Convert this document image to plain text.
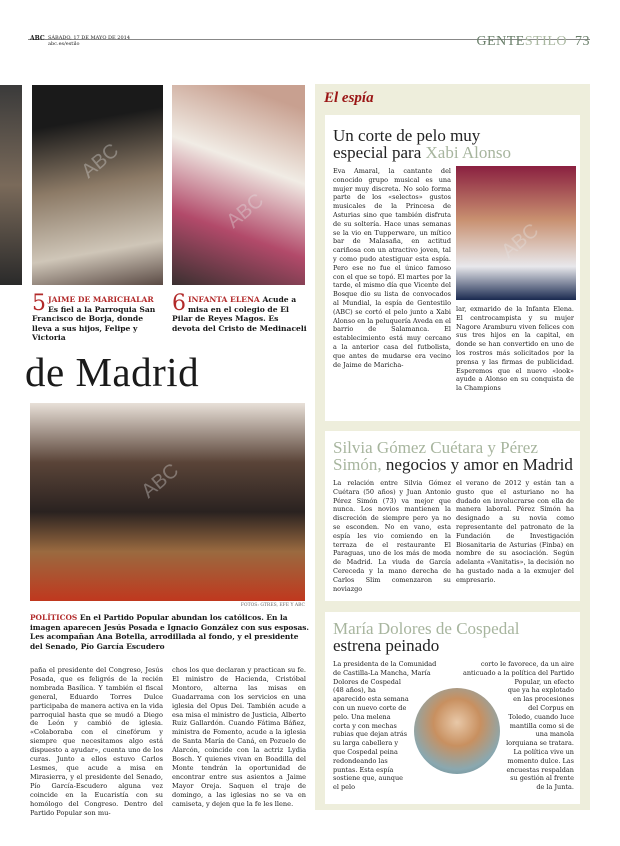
ABC SÁBADO, 17 DE MAYO DE 2014
abc.es/estilo	GENTESTILO 73
5 JAIME DE MARICHALAR Es fiel a la Parroquia San Francisco de Borja, donde lleva a sus hijos, Felipe y Victoria
6 INFANTA ELENA Acude a misa en el colegio de El Pilar de Reyes Magos. Es devota del Cristo de Medinaceli
de Madrid
FOTOS: GTRES, EFE Y ABC
POLÍTICOS En el Partido Popular abundan los católicos. En la imagen aparecen Jesús Posada e Ignacio González con sus esposas. Les acompañan Ana Botella, arrodillada al fondo, y el presidente del Senado, Pío García Escudero
paña el presidente del Congreso, Jesús Posada, que es feligrés de la recién nombrada Basílica. Y también el fiscal general, Eduardo Torres Dulce participaba de manera activa en la vida parroquial hasta que se mudó a Diego de León y cambió de iglesia. «Colaboraba con el cinefórum y siempre que necesitamos algo está dispuesto a ayudar», cuenta uno de los curas. Junto a ellos estuvo Carlos Lesmes, que acude a misa en Mirasierra, y el presidente del Senado, Pío García-Escudero alguna vez coincide en la Eucaristía con su homólogo del Congreso. Dentro del Partido Popular son mu-
chos los que declaran y practican su fe. El ministro de Hacienda, Cristóbal Montoro, alterna las misas en Guadarrama con los servicios en una iglesia del Opus Dei. También acude a esa misa el ministro de Justicia, Alberto Ruiz Gallardón. Cuando Fátima Báñez, ministra de Fomento, acude a la iglesia de Santa María de Caná, en Pozuelo de Alarcón, coincide con la actriz Lydia Bosch. Y quienes vivan en Boadilla del Monte tendrán la oportunidad de encontrar entre sus asientos a Jaime Mayor Oreja. Saquen el traje de domingo, a las iglesias no se va en camiseta, y dejen que la fe les llene.
El espía
Un corte de pelo muy especial para Xabi Alonso
Eva Amaral, la cantante del conocido grupo musical es una mujer muy discreta. No solo forma parte de los «selectos» gustos musicales de la Princesa de Asturias sino que también disfruta de su soltería. Hace unas semanas se la vio en Tupperware, un mítico bar de Malasaña, en actitud cariñosa con un atractivo joven, tal y como pudo atestiguar esta espía. Pero ese no fue el único famoso con el que se topó. El martes por la tarde, el mismo día que Vicente del Bosque dio su lista de convocados al Mundial, la espía de Gentestilo (ABC) se cortó el pelo junto a Xabi Alonso en la peluquería Aveda en el barrio de Salamanca. El establecimiento está muy cercano a la anterior casa del futbolista, que antes de mudarse era vecino de Jaime de Maricha-
lar, exmarido de la Infanta Elena. El centrocampista y su mujer Nagore Aramburu viven felices con sus tres hijos en la capital, en donde se han convertido en uno de los rostros más solicitados por la prensa y las firmas de publicidad. Esperemos que el nuevo «look» ayude a Alonso en su conquista de la Champions
Silvia Gómez Cuétara y Pérez Simón, negocios y amor en Madrid
La relación entre Silvia Gómez Cuétara (50 años) y Juan Antonio Pérez Simón (73) va mejor que nunca. Los novios mantienen la discreción de siempre pero ya no se esconden. No en vano, esta espía les vio comiendo en la terraza de el restaurante El Paraguas, uno de los más de moda de Madrid. La viuda de García Cereceda y la mano derecha de Carlos Slim comenzaron su noviazgo
el verano de 2012 y están tan a gusto que el asturiano no ha dudado en involucrarse con ella de manera laboral. Pérez Simón ha designado a su novia como representante del patronato de la Fundación de Investigación Biosanitaria de Asturias (Finba) en nombre de su asociación. Según adelanta «Vanitatis», la decisión no ha gustado nada a la exmujer del empresario.
María Dolores de Cospedal
estrena peinado
La presidenta de la Comunidad de Castilla-La Mancha, María Dolores de Cospedal (48 años), ha aparecido esta semana con un nuevo corte de pelo. Una melena corta y con mechas rubias que dejan atrás su larga cabellera y que Cospedal peina redondeando las puntas. Esta espía sostiene que, aunque el pelo
corto le favorece, da un aire anticuado a la política del Partido Popular, un efecto que ya ha explotado en las procesiones del Corpus en Toledo, cuando luce mantilla como si de una manola lorquiana se tratara. La política vive un momento dulce. Las encuestas respaldan su gestión al frente de la Junta.
ABC
ABC
ABC
ABC
